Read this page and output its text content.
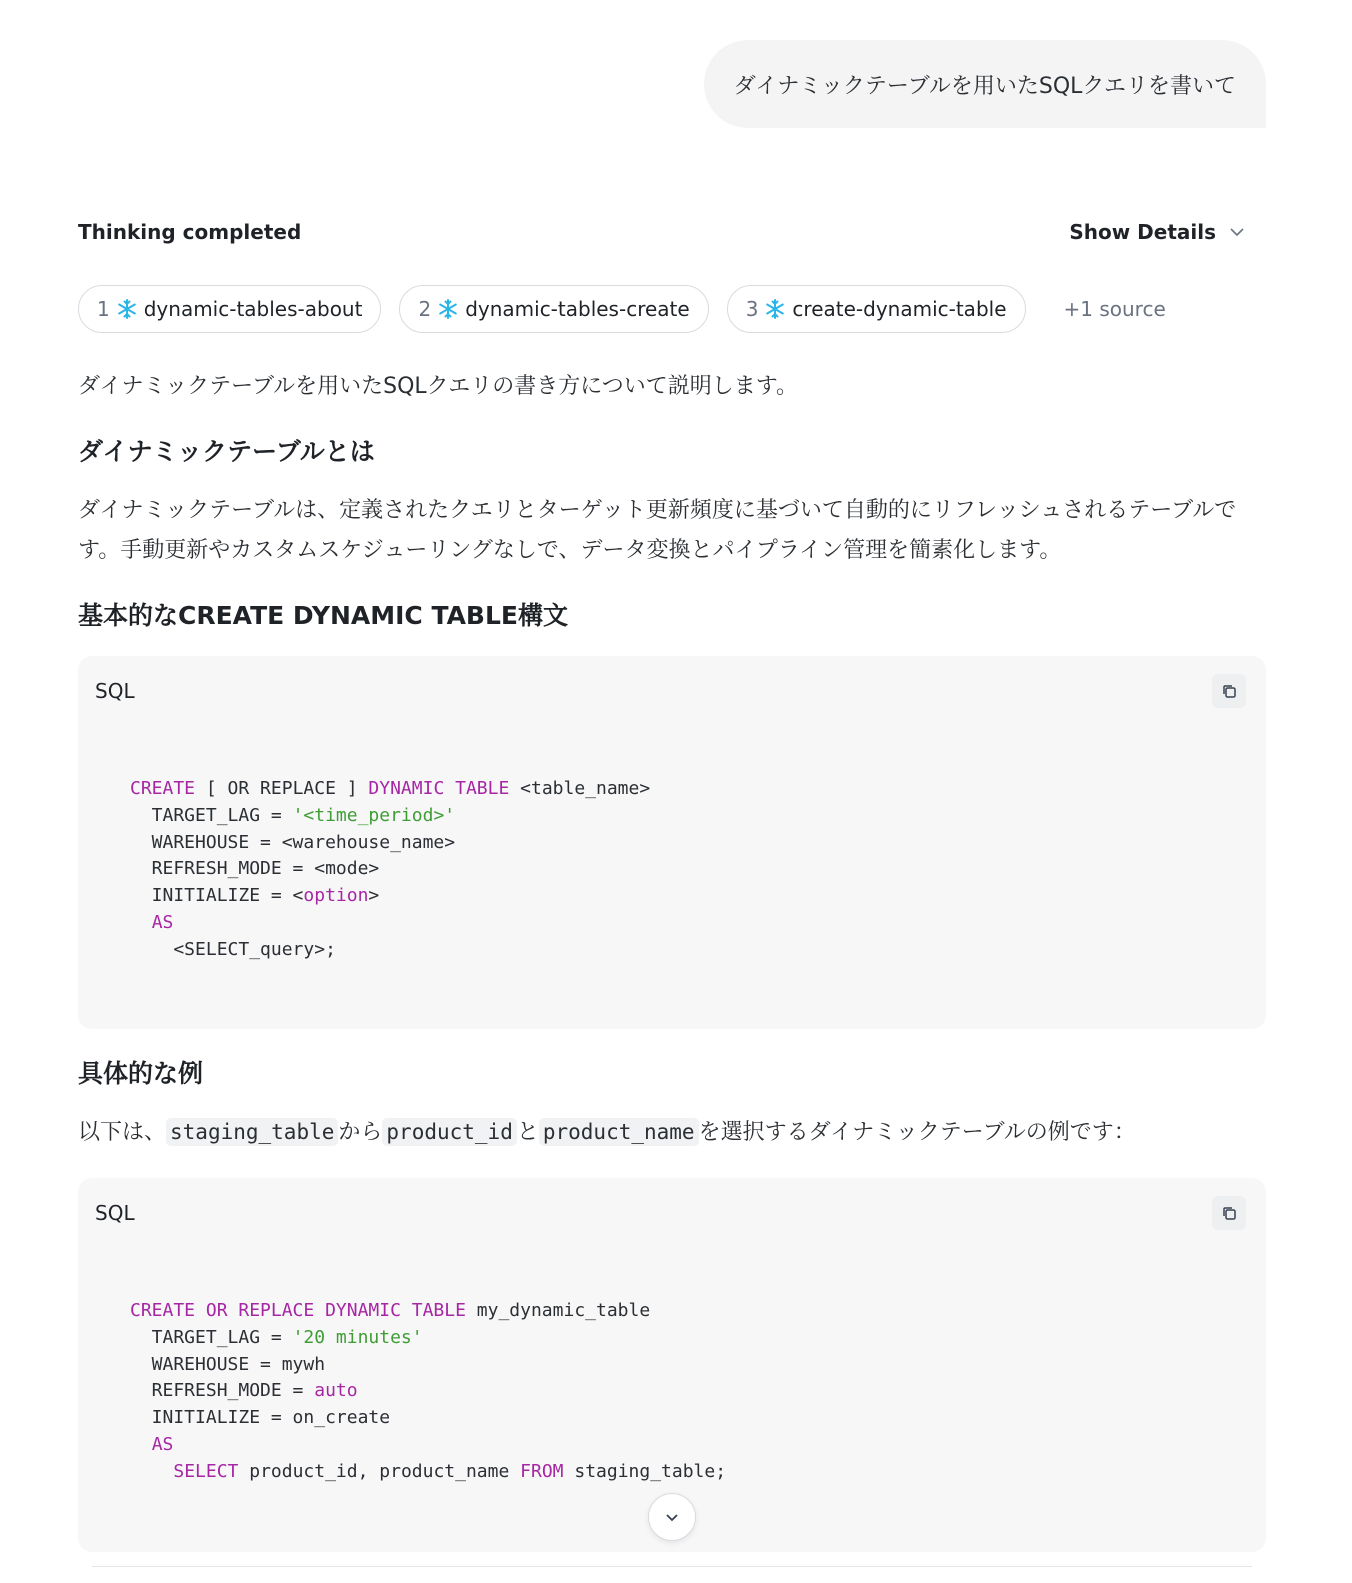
ダイナミックテーブルを用いたSQLクエリを書いて
Thinking completed	Show Details
1 dynamic-tables-about	2 dynamic-tables-create	3 create-dynamic-table	+1 source

ダイナミックテーブルを用いたSQLクエリの書き方について説明します。

ダイナミックテーブルとは

ダイナミックテーブルは、定義されたクエリとターゲット更新頻度に基づいて自動的にリフレッシュされるテーブルです。手動更新やカスタムスケジューリングなしで、データ変換とパイプライン管理を簡素化します。

基本的なCREATE DYNAMIC TABLE構文
SQL
CREATE [ OR REPLACE ] DYNAMIC TABLE <table_name>
TARGET_LAG = '<time_period>'
WAREHOUSE = <warehouse_name>
REFRESH_MODE = <mode>
INITIALIZE = <option>
AS
<SELECT_query>;
具体的な例

以下は、 staging_table から product_id と product_name を選択するダイナミックテーブルの例です：

SQL
CREATE OR REPLACE DYNAMIC TABLE my_dynamic_table
TARGET_LAG = '20 minutes'
WAREHOUSE = mywh
REFRESH_MODE = auto
INITIALIZE = on_create
AS
SELECT product_id, product_name FROM staging_table;
